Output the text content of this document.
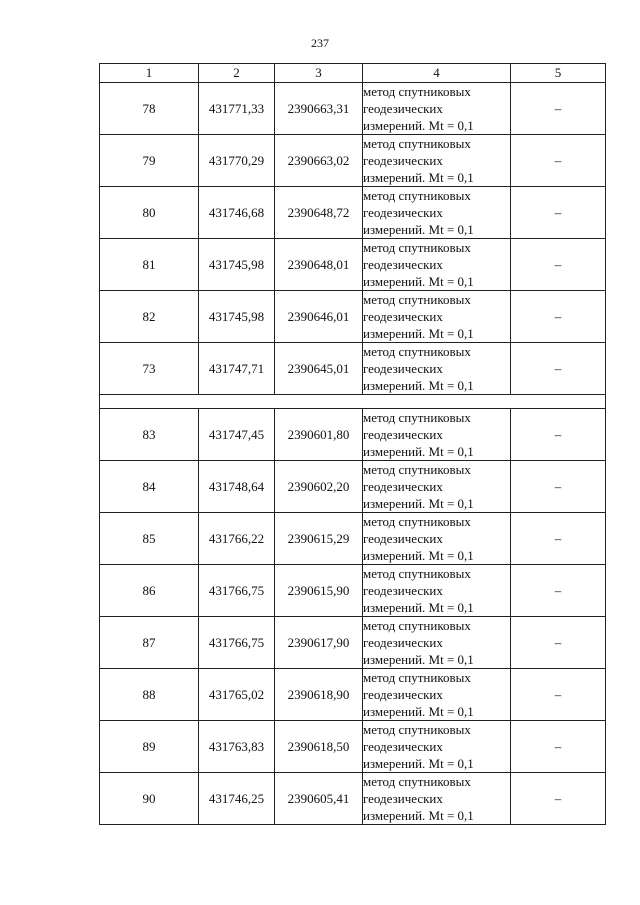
237
1	2	3	4	5
78	431771,33	2390663,31	метод спутниковых
геодезических
измерений. Mt = 0,1	–
79	431770,29	2390663,02	метод спутниковых
геодезических
измерений. Mt = 0,1	–
80	431746,68	2390648,72	метод спутниковых
геодезических
измерений. Mt = 0,1	–
81	431745,98	2390648,01	метод спутниковых
геодезических
измерений. Mt = 0,1	–
82	431745,98	2390646,01	метод спутниковых
геодезических
измерений. Mt = 0,1	–
73	431747,71	2390645,01	метод спутниковых
геодезических
измерений. Mt = 0,1	–

83	431747,45	2390601,80	метод спутниковых
геодезических
измерений. Mt = 0,1	–
84	431748,64	2390602,20	метод спутниковых
геодезических
измерений. Mt = 0,1	–
85	431766,22	2390615,29	метод спутниковых
геодезических
измерений. Mt = 0,1	–
86	431766,75	2390615,90	метод спутниковых
геодезических
измерений. Mt = 0,1	–
87	431766,75	2390617,90	метод спутниковых
геодезических
измерений. Mt = 0,1	–
88	431765,02	2390618,90	метод спутниковых
геодезических
измерений. Mt = 0,1	–
89	431763,83	2390618,50	метод спутниковых
геодезических
измерений. Mt = 0,1	–
90	431746,25	2390605,41	метод спутниковых
геодезических
измерений. Mt = 0,1	–
